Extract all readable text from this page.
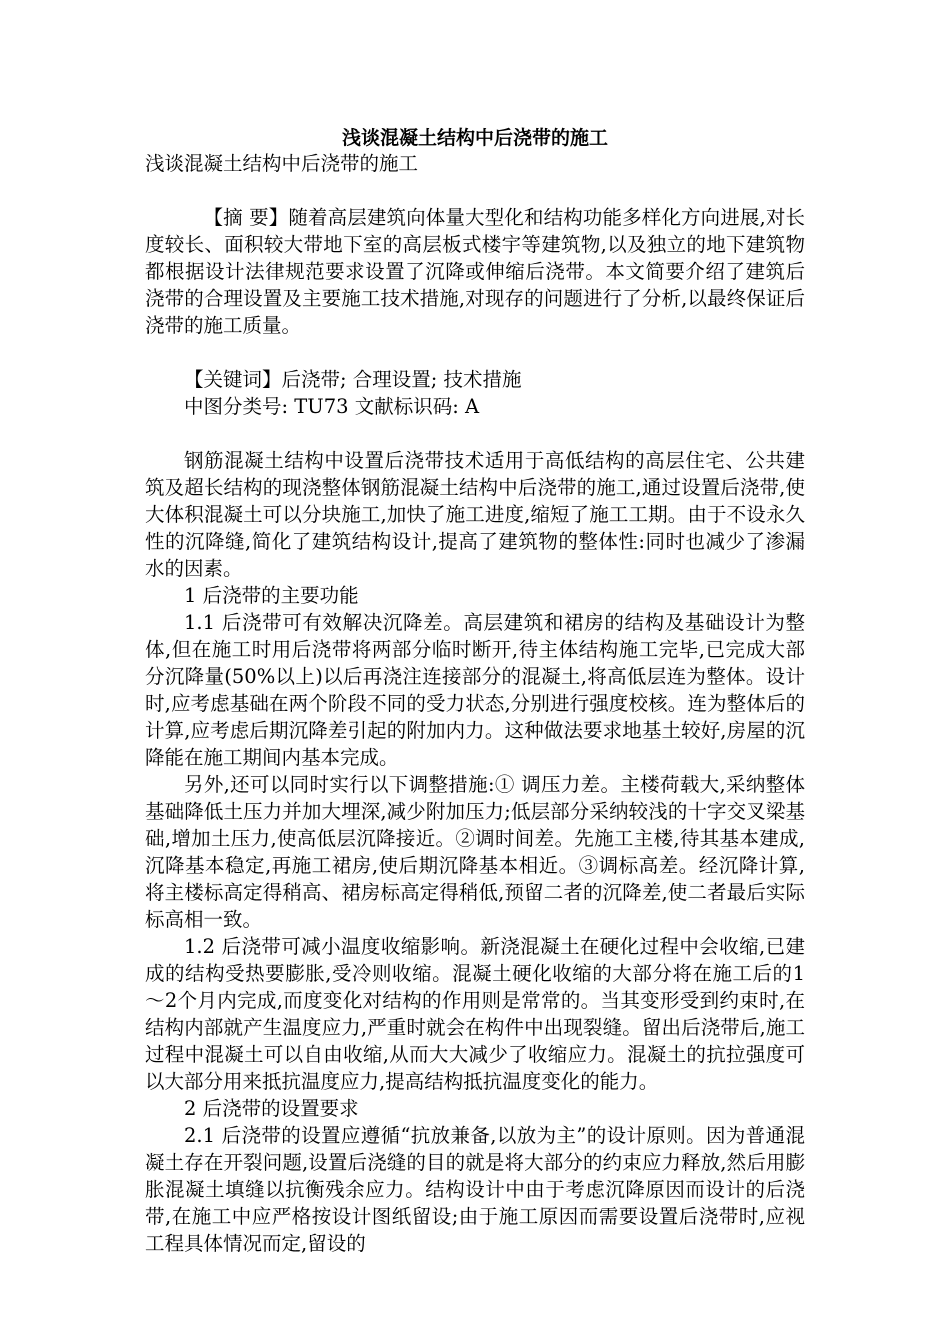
浅谈混凝土结构中后浇带的施工

浅谈混凝土结构中后浇带的施工

【摘 要】随着高层建筑向体量大型化和结构功能多样化方向进展,对长度较长、面积较大带地下室的高层板式楼宇等建筑物,以及独立的地下建筑物都根据设计法律规范要求设置了沉降或伸缩后浇带。本文简要介绍了建筑后浇带的合理设置及主要施工技术措施,对现存的问题进行了分析,以最终保证后浇带的施工质量。

【关键词】后浇带; 合理设置; 技术措施

中图分类号: TU73 文献标识码: A

钢筋混凝土结构中设置后浇带技术适用于高低结构的高层住宅、公共建筑及超长结构的现浇整体钢筋混凝土结构中后浇带的施工,通过设置后浇带,使大体积混凝土可以分块施工,加快了施工进度,缩短了施工工期。由于不设永久性的沉降缝,简化了建筑结构设计,提高了建筑物的整体性:同时也减少了渗漏水的因素。

1 后浇带的主要功能

1.1 后浇带可有效解决沉降差。高层建筑和裙房的结构及基础设计为整体,但在施工时用后浇带将两部分临时断开,待主体结构施工完毕,已完成大部分沉降量(50%以上)以后再浇注连接部分的混凝土,将高低层连为整体。设计时,应考虑基础在两个阶段不同的受力状态,分别进行强度校核。连为整体后的计算,应考虑后期沉降差引起的附加内力。这种做法要求地基土较好,房屋的沉降能在施工期间内基本完成。

另外,还可以同时实行以下调整措施:① 调压力差。主楼荷载大,采纳整体基础降低土压力并加大埋深,减少附加压力;低层部分采纳较浅的十字交叉梁基础,增加土压力,使高低层沉降接近。②调时间差。先施工主楼,待其基本建成,沉降基本稳定,再施工裙房,使后期沉降基本相近。③调标高差。经沉降计算,将主楼标高定得稍高、裙房标高定得稍低,预留二者的沉降差,使二者最后实际标高相一致。

1.2 后浇带可减小温度收缩影响。新浇混凝土在硬化过程中会收缩,已建成的结构受热要膨胀,受冷则收缩。混凝土硬化收缩的大部分将在施工后的1～2个月内完成,而度变化对结构的作用则是常常的。当其变形受到约束时,在结构内部就产生温度应力,严重时就会在构件中出现裂缝。留出后浇带后,施工过程中混凝土可以自由收缩,从而大大减少了收缩应力。混凝土的抗拉强度可以大部分用来抵抗温度应力,提高结构抵抗温度变化的能力。

2 后浇带的设置要求

2.1 后浇带的设置应遵循“抗放兼备,以放为主”的设计原则。因为普通混凝土存在开裂问题,设置后浇缝的目的就是将大部分的约束应力释放,然后用膨胀混凝土填缝以抗衡残余应力。结构设计中由于考虑沉降原因而设计的后浇带,在施工中应严格按设计图纸留设;由于施工原因而需要设置后浇带时,应视工程具体情况而定,留设的
